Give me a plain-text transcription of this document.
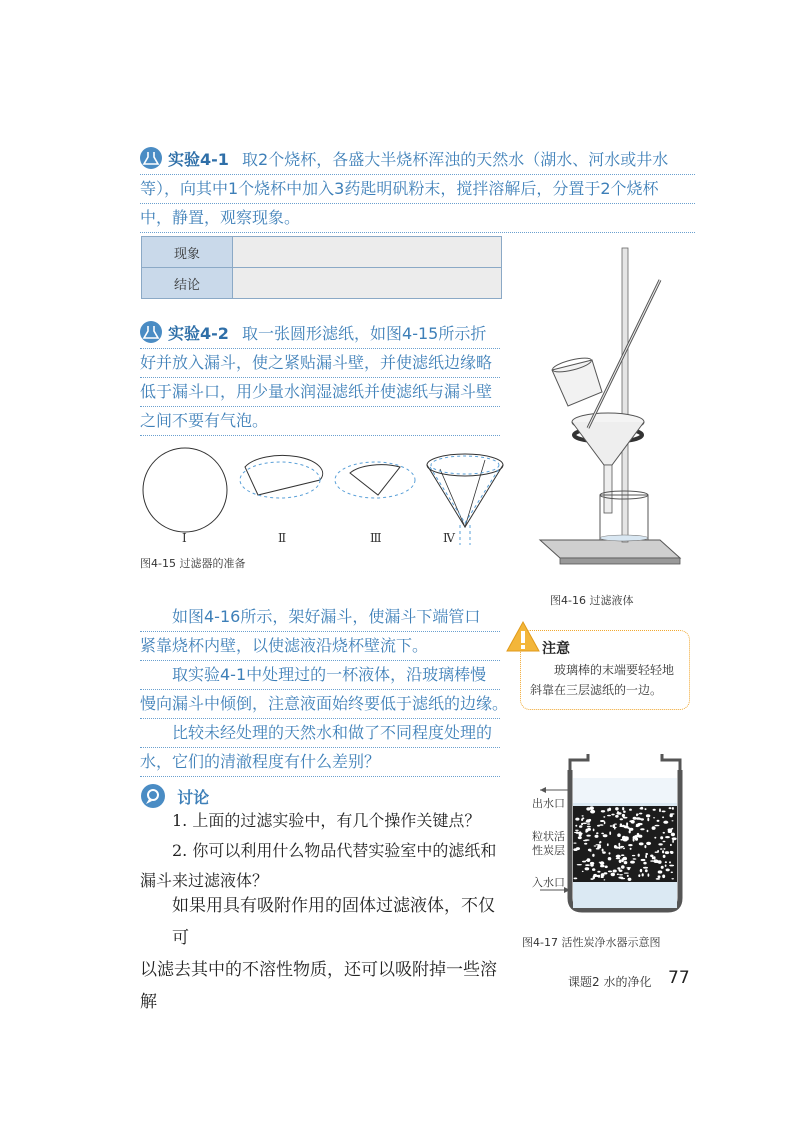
实验4-1 取2个烧杯，各盛大半烧杯浑浊的天然水（湖水、河水或井水
等），向其中1个烧杯中加入3药匙明矾粉末，搅拌溶解后，分置于2个烧杯
中，静置，观察现象。
现象	
结论	
实验4-2 取一张圆形滤纸，如图4-15所示折
好并放入漏斗，使之紧贴漏斗壁，并使滤纸边缘略
低于漏斗口，用少量水润湿滤纸并使滤纸与漏斗壁
之间不要有气泡。
Ⅰ	Ⅱ	Ⅲ	Ⅳ
图4-15 过滤器的准备
图4-16 过滤液体
如图4-16所示，架好漏斗，使漏斗下端管口
紧靠烧杯内壁，以使滤液沿烧杯壁流下。
取实验4-1中处理过的一杯液体，沿玻璃棒慢
慢向漏斗中倾倒，注意液面始终要低于滤纸的边缘。
比较未经处理的天然水和做了不同程度处理的
水，它们的清澈程度有什么差别？
注意
玻璃棒的末端要轻轻地
斜靠在三层滤纸的一边。
讨论
1. 上面的过滤实验中，有几个操作关键点？
2. 你可以利用什么物品代替实验室中的滤纸和
漏斗来过滤液体？
如果用具有吸附作用的固体过滤液体，不仅可
以滤去其中的不溶性物质，还可以吸附掉一些溶解
出水口
粒状活
性炭层
入水口
图4-17 活性炭净水器示意图
课题2 水的净化 77
